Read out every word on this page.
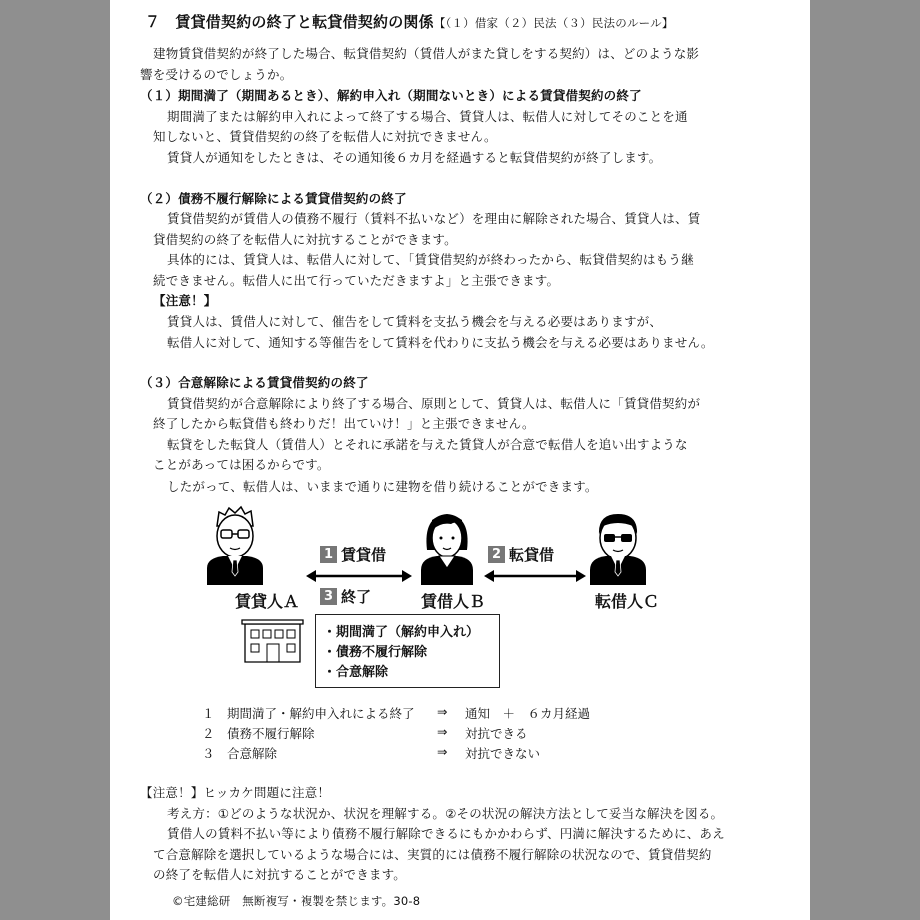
７　賃貸借契約の終了と転貸借契約の関係【（１）借家（２）民法（３）民法のルール】
建物賃貸借契約が終了した場合、転貸借契約（賃借人がまた貸しをする契約）は、どのような影
響を受けるのでしょうか。
（１）期間満了（期間あるとき）、解約申入れ（期間ないとき）による賃貸借契約の終了
期間満了または解約申入れによって終了する場合、賃貸人は、転借人に対してそのことを通
知しないと、賃貸借契約の終了を転借人に対抗できません。
賃貸人が通知をしたときは、その通知後６カ月を経過すると転貸借契約が終了します。
（２）債務不履行解除による賃貸借契約の終了
賃貸借契約が賃借人の債務不履行（賃料不払いなど）を理由に解除された場合、賃貸人は、賃
貸借契約の終了を転借人に対抗することができます。
具体的には、賃貸人は、転借人に対して、「賃貸借契約が終わったから、転貸借契約はもう継
続できません。転借人に出て行っていただきますよ」と主張できます。
【注意！】
賃貸人は、賃借人に対して、催告をして賃料を支払う機会を与える必要はありますが、
転借人に対して、通知する等催告をして賃料を代わりに支払う機会を与える必要はありません。
（３）合意解除による賃貸借契約の終了
賃貸借契約が合意解除により終了する場合、原則として、賃貸人は、転借人に「賃貸借契約が
終了したから転貸借も終わりだ！出ていけ！」と主張できません。
転貸をした転貸人（賃借人）とそれに承諾を与えた賃貸人が合意で転借人を追い出すような
ことがあっては困るからです。
したがって、転借人は、いままで通りに建物を借り続けることができます。
賃貸人Ａ	賃借人Ｂ	転借人Ｃ
1 賃貸借	2 転貸借
3 終了
・期間満了（解約申入れ）
・債務不履行解除
・合意解除
１ 期間満了・解約申入れによる終了 ⇒ 通知　＋　６カ月経過
２ 債務不履行解除	⇒ 対抗できる
３ 合意解除	⇒ 対抗できない
【注意！】ヒッカケ問題に注意！
考え方：①どのような状況か、状況を理解する。②その状況の解決方法として妥当な解決を図る。
賃借人の賃料不払い等により債務不履行解除できるにもかかわらず、円満に解決するために、あえ
て合意解除を選択しているような場合には、実質的には債務不履行解除の状況なので、賃貸借契約
の終了を転借人に対抗することができます。
©宅建総研　無断複写・複製を禁じます。30-8
